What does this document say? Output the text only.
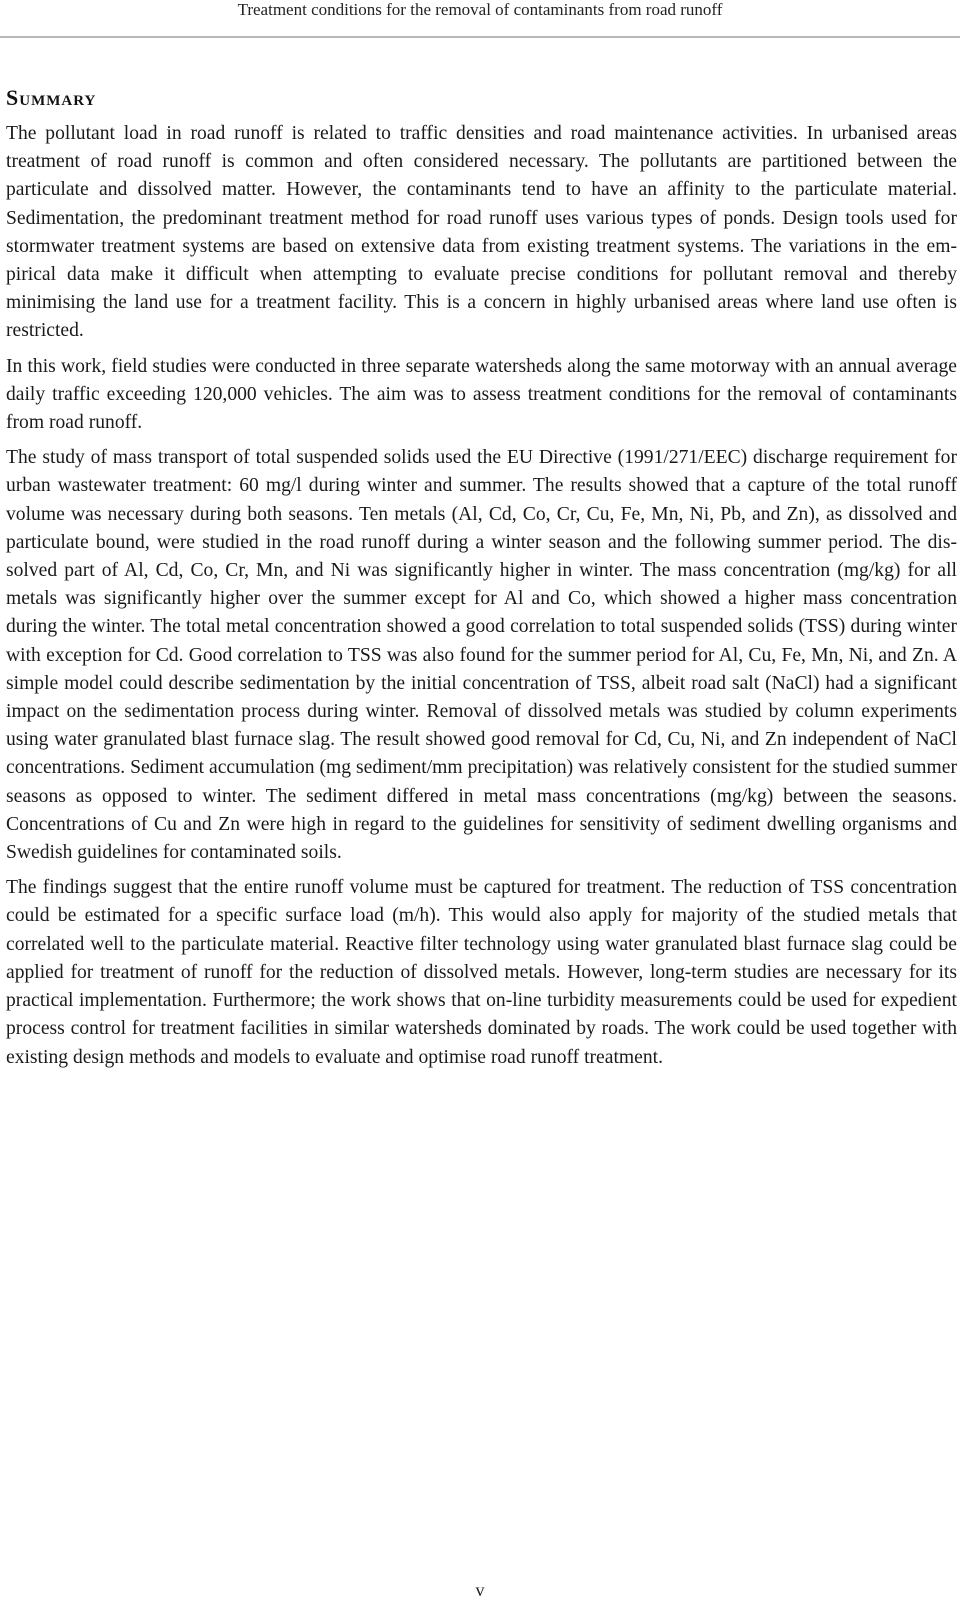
Treatment conditions for the removal of contaminants from road runoff
Summary

The pollutant load in road runoff is related to traffic densities and road maintenance activities. In urbanised areas treatment of road runoff is common and often considered necessary. The pollutants are partitioned between the particulate and dissolved matter. However, the contaminants tend to have an affinity to the particulate material. Sedimentation, the predominant treatment method for road runoff uses various types of ponds. Design tools used for stormwater treatment systems are based on extensive data from existing treatment systems. The variations in the empirical data make it difficult when attempting to evaluate precise conditions for pollutant removal and thereby minimising the land use for a treatment facility. This is a concern in highly urbanised areas where land use often is restricted.

In this work, field studies were conducted in three separate watersheds along the same motorway with an annual average daily traffic exceeding 120,000 vehicles. The aim was to assess treatment conditions for the removal of contaminants from road runoff.

The study of mass transport of total suspended solids used the EU Directive (1991/271/EEC) discharge requirement for urban wastewater treatment: 60 mg/l during winter and summer. The results showed that a capture of the total runoff volume was necessary during both seasons. Ten metals (Al, Cd, Co, Cr, Cu, Fe, Mn, Ni, Pb, and Zn), as dissolved and particulate bound, were studied in the road runoff during a winter season and the following summer period. The dissolved part of Al, Cd, Co, Cr, Mn, and Ni was significantly higher in winter. The mass concentration (mg/kg) for all metals was significantly higher over the summer except for Al and Co, which showed a higher mass concentration during the winter. The total metal concentration showed a good correlation to total suspended solids (TSS) during winter with exception for Cd. Good correlation to TSS was also found for the summer period for Al, Cu, Fe, Mn, Ni, and Zn. A simple model could describe sedimentation by the initial concentration of TSS, albeit road salt (NaCl) had a significant impact on the sedimentation process during winter. Removal of dissolved metals was studied by column experiments using water granulated blast furnace slag. The result showed good removal for Cd, Cu, Ni, and Zn independent of NaCl concentrations. Sediment accumulation (mg sediment/mm precipitation) was relatively consistent for the studied summer seasons as opposed to winter. The sediment differed in metal mass concentrations (mg/kg) between the seasons. Concentrations of Cu and Zn were high in regard to the guidelines for sensitivity of sediment dwelling organisms and Swedish guidelines for contaminated soils.

The findings suggest that the entire runoff volume must be captured for treatment. The reduction of TSS concentration could be estimated for a specific surface load (m/h). This would also apply for majority of the studied metals that correlated well to the particulate material. Reactive filter technology using water granulated blast furnace slag could be applied for treatment of runoff for the reduction of dissolved metals. However, long-term studies are necessary for its practical implementation. Furthermore; the work shows that on-line turbidity measurements could be used for expedient process control for treatment facilities in similar watersheds dominated by roads. The work could be used together with existing design methods and models to evaluate and optimise road runoff treatment.

v
